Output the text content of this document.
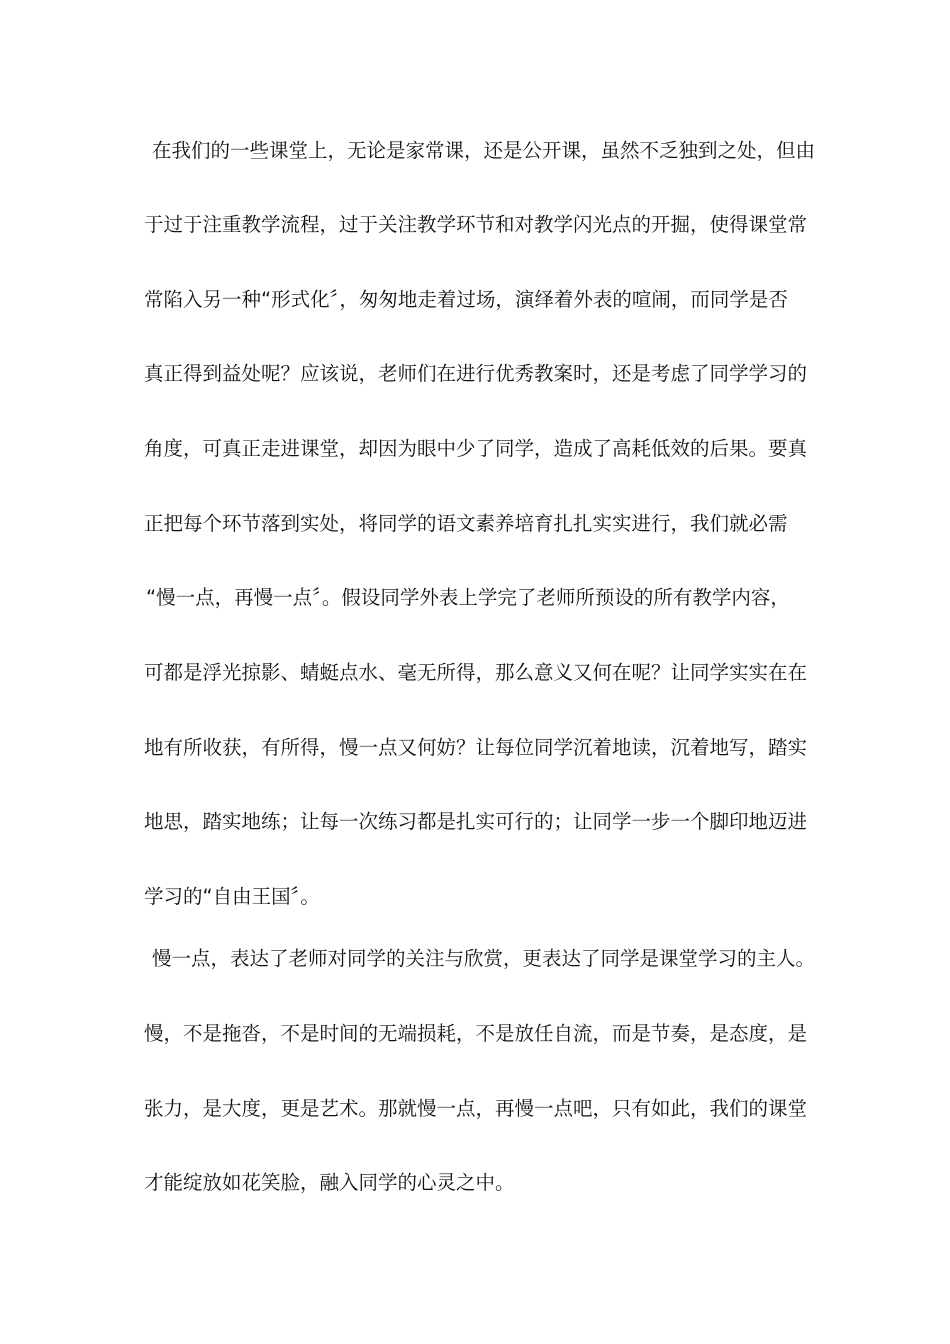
在我们的一些课堂上，无论是家常课，还是公开课，虽然不乏独到之处，但由
于过于注重教学流程，过于关注教学环节和对教学闪光点的开掘，使得课堂常
常陷入另一种“形式化〞，匆匆地走着过场，演绎着外表的喧闹，而同学是否
真正得到益处呢？应该说，老师们在进行优秀教案时，还是考虑了同学学习的
角度，可真正走进课堂，却因为眼中少了同学，造成了高耗低效的后果。要真
正把每个环节落到实处，将同学的语文素养培育扎扎实实进行，我们就必需
“慢一点，再慢一点〞。假设同学外表上学完了老师所预设的所有教学内容，
可都是浮光掠影、蜻蜓点水、毫无所得，那么意义又何在呢？让同学实实在在
地有所收获，有所得，慢一点又何妨？让每位同学沉着地读，沉着地写，踏实
地思，踏实地练；让每一次练习都是扎实可行的；让同学一步一个脚印地迈进
学习的“自由王国〞。
慢一点，表达了老师对同学的关注与欣赏，更表达了同学是课堂学习的主人。
慢，不是拖沓，不是时间的无端损耗，不是放任自流，而是节奏，是态度，是
张力，是大度，更是艺术。那就慢一点，再慢一点吧，只有如此，我们的课堂
才能绽放如花笑脸，融入同学的心灵之中。
